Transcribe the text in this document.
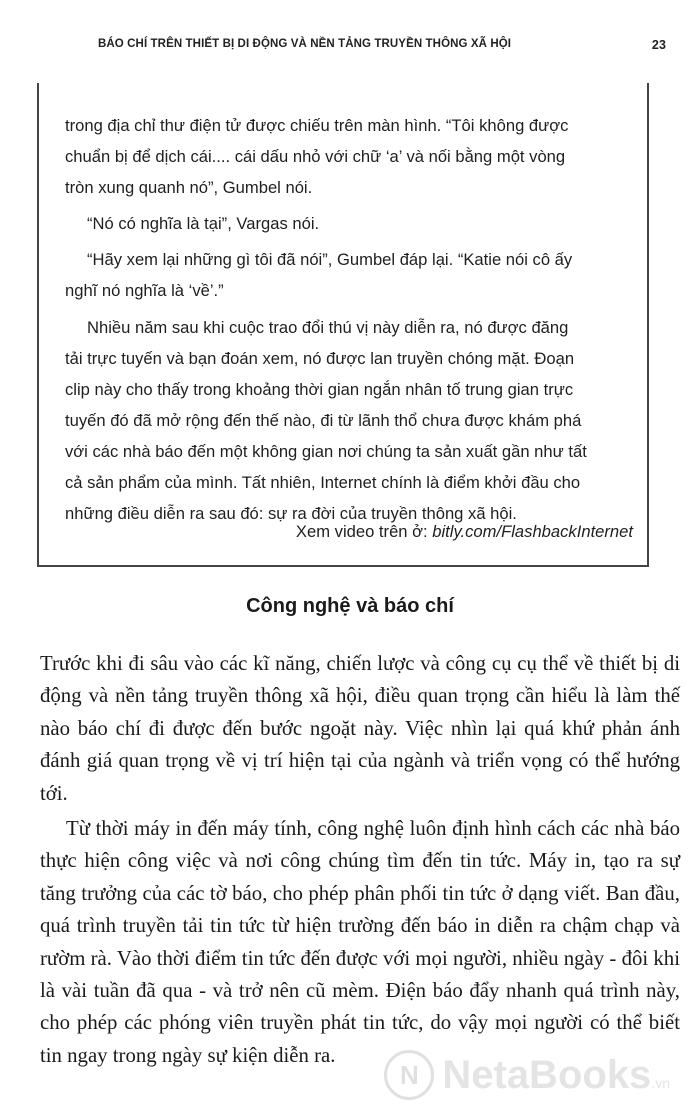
BÁO CHÍ TRÊN THIẾT BỊ DI ĐỘNG VÀ NỀN TẢNG TRUYỀN THÔNG XÃ HỘI	23

trong địa chỉ thư điện tử được chiếu trên màn hình. “Tôi không được
chuẩn bị để dịch cái.... cái dấu nhỏ với chữ ‘a’ và nối bằng một vòng
tròn xung quanh nó”, Gumbel nói.

“Nó có nghĩa là tại”, Vargas nói.

“Hãy xem lại những gì tôi đã nói”, Gumbel đáp lại. “Katie nói cô ấy
nghĩ nó nghĩa là ‘về’.”

Nhiều năm sau khi cuộc trao đổi thú vị này diễn ra, nó được đăng
tải trực tuyến và bạn đoán xem, nó được lan truyền chóng mặt. Đoạn
clip này cho thấy trong khoảng thời gian ngắn nhân tố trung gian trực
tuyến đó đã mở rộng đến thế nào, đi từ lãnh thổ chưa được khám phá
với các nhà báo đến một không gian nơi chúng ta sản xuất gần như tất
cả sản phẩm của mình. Tất nhiên, Internet chính là điểm khởi đầu cho
những điều diễn ra sau đó: sự ra đời của truyền thông xã hội.

Xem video trên ở: bitly.com/FlashbackInternet
Công nghệ và báo chí

Trước khi đi sâu vào các kĩ năng, chiến lược và công cụ cụ thể về thiết bị di động và nền tảng truyền thông xã hội, điều quan trọng cần hiểu là làm thế nào báo chí đi được đến bước ngoặt này. Việc nhìn lại quá khứ phản ánh đánh giá quan trọng về vị trí hiện tại của ngành và triển vọng có thể hướng tới.

Từ thời máy in đến máy tính, công nghệ luôn định hình cách các nhà báo thực hiện công việc và nơi công chúng tìm đến tin tức. Máy in, tạo ra sự tăng trưởng của các tờ báo, cho phép phân phối tin tức ở dạng viết. Ban đầu, quá trình truyền tải tin tức từ hiện trường đến báo in diễn ra chậm chạp và rườm rà. Vào thời điểm tin tức đến được với mọi người, nhiều ngày - đôi khi là vài tuần đã qua - và trở nên cũ mèm. Điện báo đẩy nhanh quá trình này, cho phép các phóng viên truyền phát tin tức, do vậy mọi người có thể biết tin ngay trong ngày sự kiện diễn ra.

N NetaBooks.vn
